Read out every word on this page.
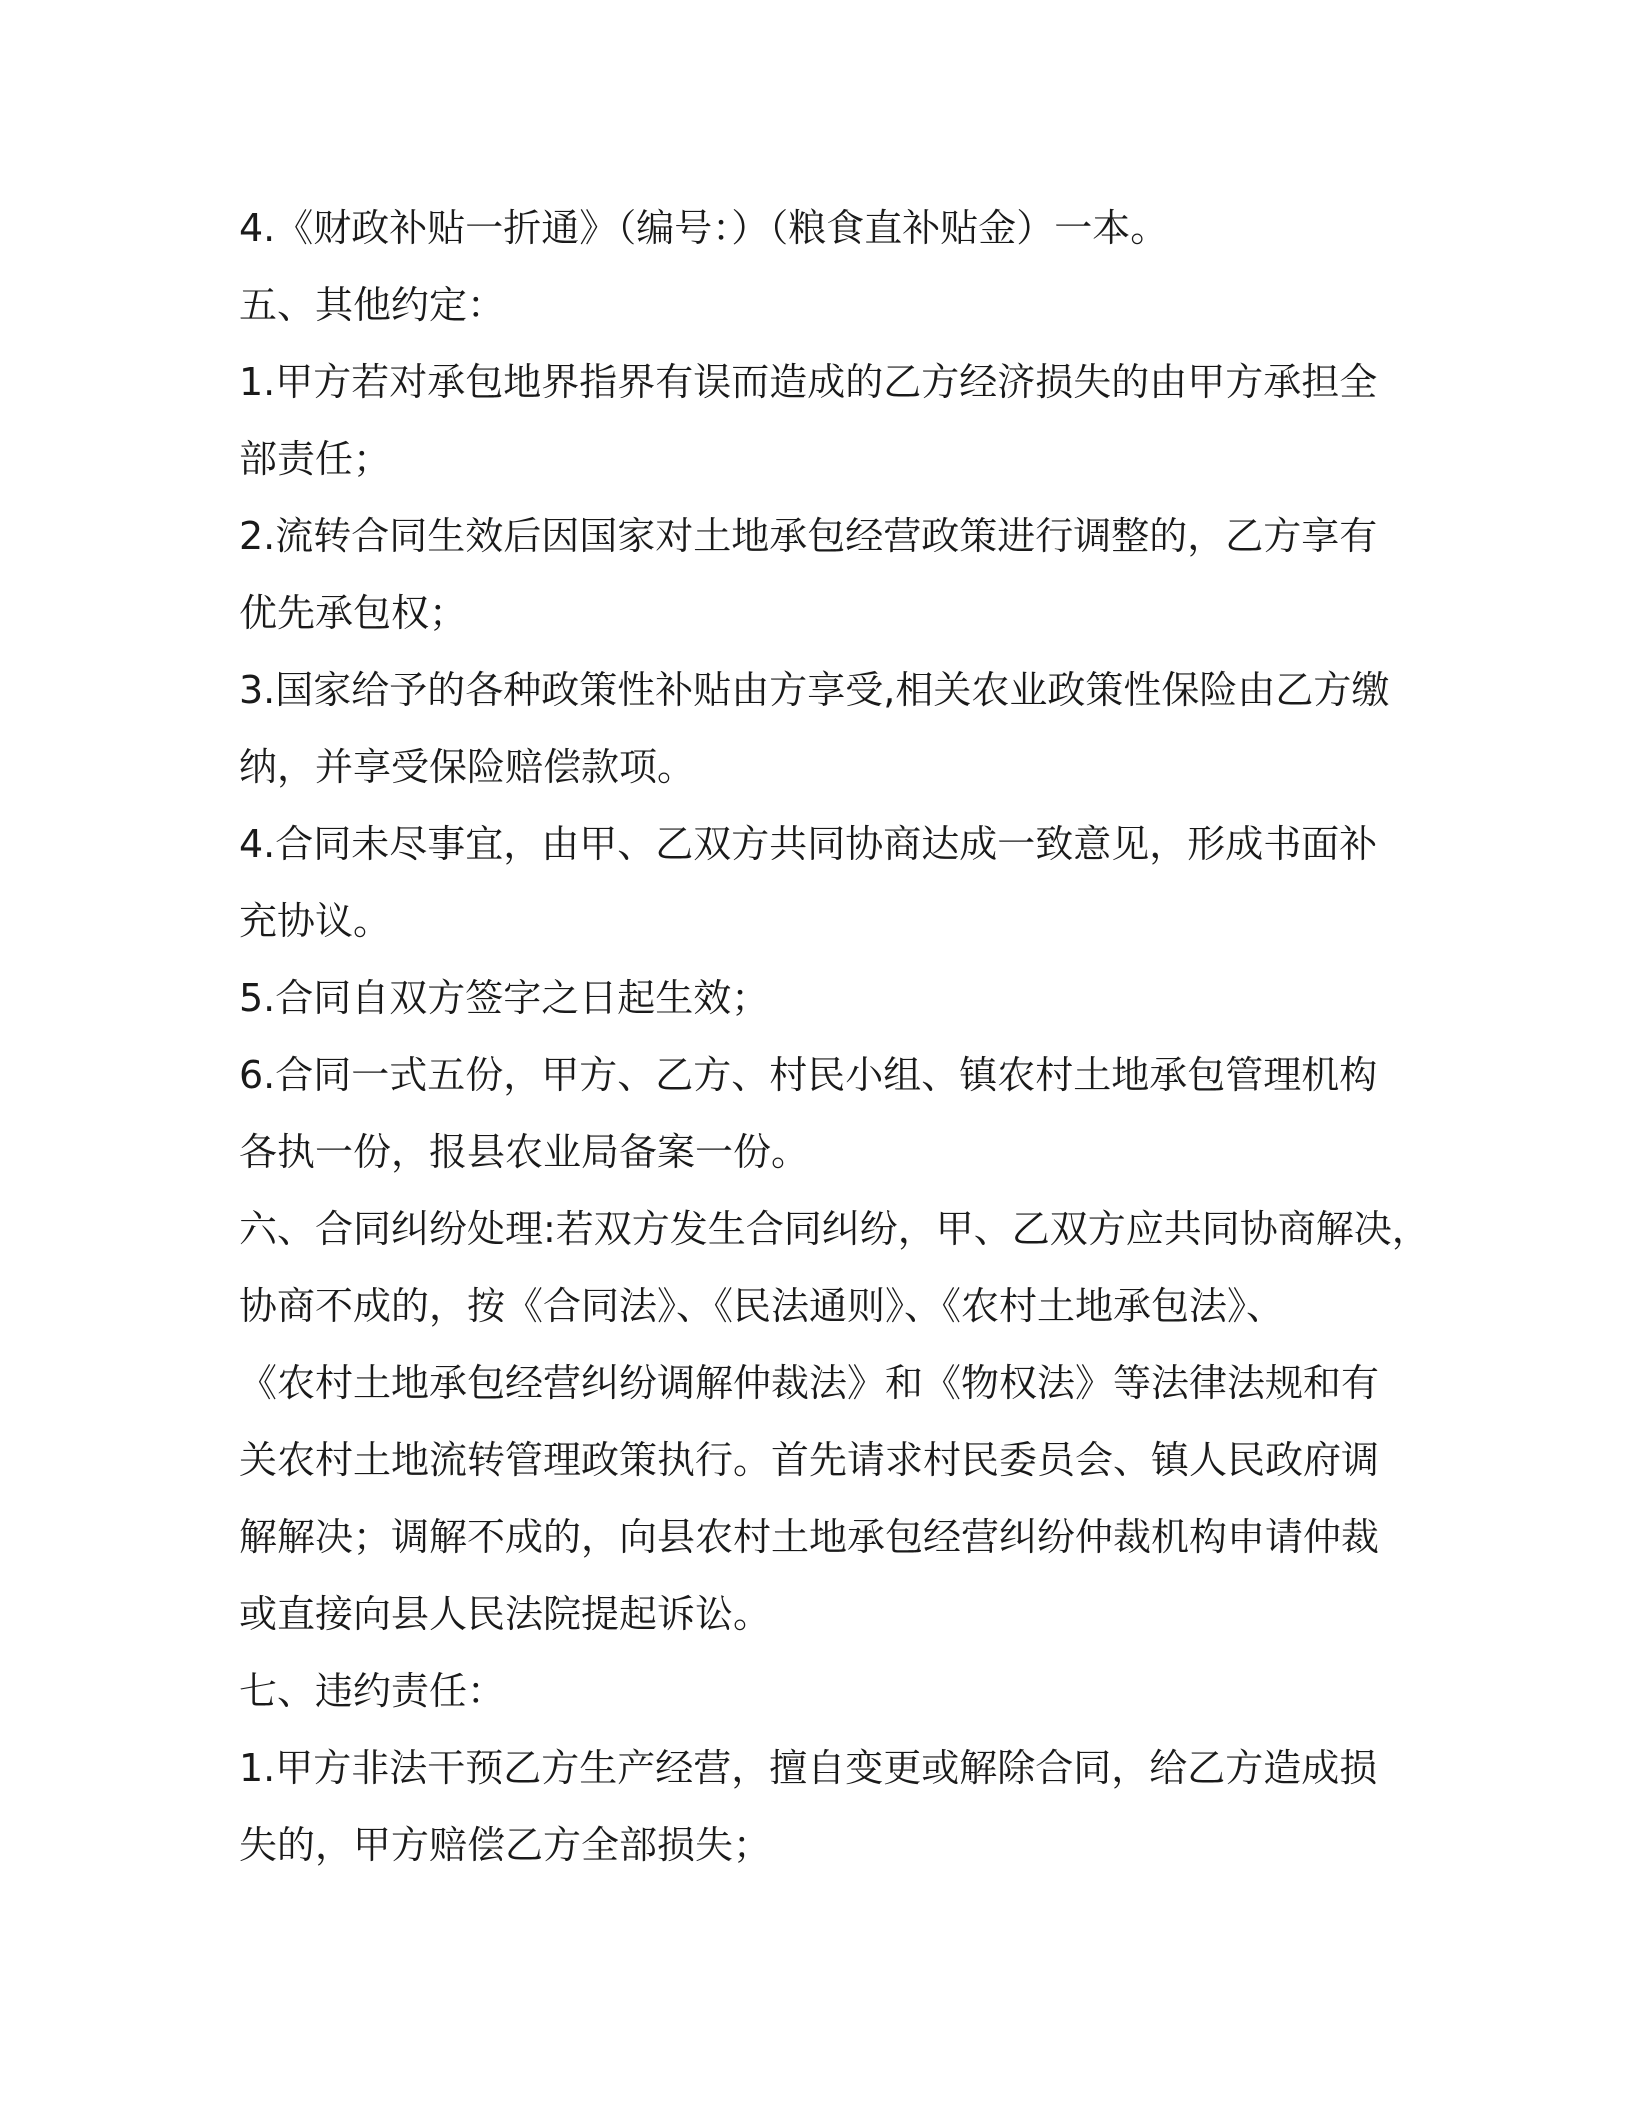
4.《财政补贴一折通》（编号：）（粮食直补贴金）一本。

五、其他约定：

1.甲方若对承包地界指界有误而造成的乙方经济损失的由甲方承担全

部责任；

2.流转合同生效后因国家对土地承包经营政策进行调整的，乙方享有

优先承包权；

3.国家给予的各种政策性补贴由方享受,相关农业政策性保险由乙方缴

纳，并享受保险赔偿款项。

4.合同未尽事宜，由甲、乙双方共同协商达成一致意见，形成书面补

充协议。

5.合同自双方签字之日起生效；

6.合同一式五份，甲方、乙方、村民小组、镇农村土地承包管理机构

各执一份，报县农业局备案一份。

六、合同纠纷处理:若双方发生合同纠纷，甲、乙双方应共同协商解决，

协商不成的，按《合同法》、《民法通则》、《农村土地承包法》、

《农村土地承包经营纠纷调解仲裁法》和《物权法》等法律法规和有

关农村土地流转管理政策执行。首先请求村民委员会、镇人民政府调

解解决；调解不成的，向县农村土地承包经营纠纷仲裁机构申请仲裁

或直接向县人民法院提起诉讼。

七、违约责任：

1.甲方非法干预乙方生产经营，擅自变更或解除合同，给乙方造成损

失的，甲方赔偿乙方全部损失；
